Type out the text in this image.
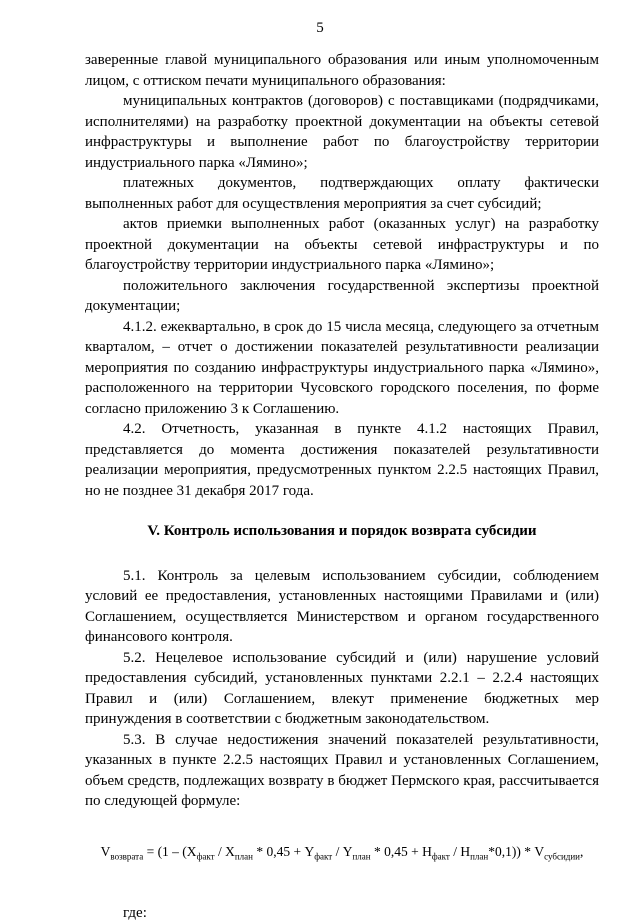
5

заверенные главой муниципального образования или иным уполномоченным лицом, с оттиском печати муниципального образования:

муниципальных контрактов (договоров) с поставщиками (подрядчиками, исполнителями) на разработку проектной документации на объекты сетевой инфраструктуры и выполнение работ по благоустройству территории индустриального парка «Лямино»;

платежных документов, подтверждающих оплату фактически выполненных работ для осуществления мероприятия за счет субсидий;

актов приемки выполненных работ (оказанных услуг) на разработку проектной документации на объекты сетевой инфраструктуры и по благоустройству территории индустриального парка «Лямино»;

положительного заключения государственной экспертизы проектной документации;

4.1.2. ежеквартально, в срок до 15 числа месяца, следующего за отчетным кварталом, – отчет о достижении показателей результативности реализации мероприятия по созданию инфраструктуры индустриального парка «Лямино», расположенного на территории Чусовского городского поселения, по форме согласно приложению 3 к Соглашению.

4.2. Отчетность, указанная в пункте 4.1.2 настоящих Правил, представляется до момента достижения показателей результативности реализации мероприятия, предусмотренных пунктом 2.2.5 настоящих Правил, но не позднее 31 декабря 2017 года.

V. Контроль использования и порядок возврата субсидии

5.1. Контроль за целевым использованием субсидии, соблюдением условий ее предоставления, установленных настоящими Правилами и (или) Соглашением, осуществляется Министерством и органом государственного финансового контроля.

5.2. Нецелевое использование субсидий и (или) нарушение условий предоставления субсидий, установленных пунктами 2.2.1 – 2.2.4 настоящих Правил и (или) Соглашением, влекут применение бюджетных мер принуждения в соответствии с бюджетным законодательством.

5.3. В случае недостижения значений показателей результативности, указанных в пункте 2.2.5 настоящих Правил и установленных Соглашением, объем средств, подлежащих возврату в бюджет Пермского края, рассчитывается по следующей формуле:

$V_{возврата} = (1 - (X_{факт} / X_{план} * 0,45 + Y_{факт} / Y_{план} * 0,45 + H_{факт} / H_{план}*0,1)) * V_{субсидии}$,

где:
